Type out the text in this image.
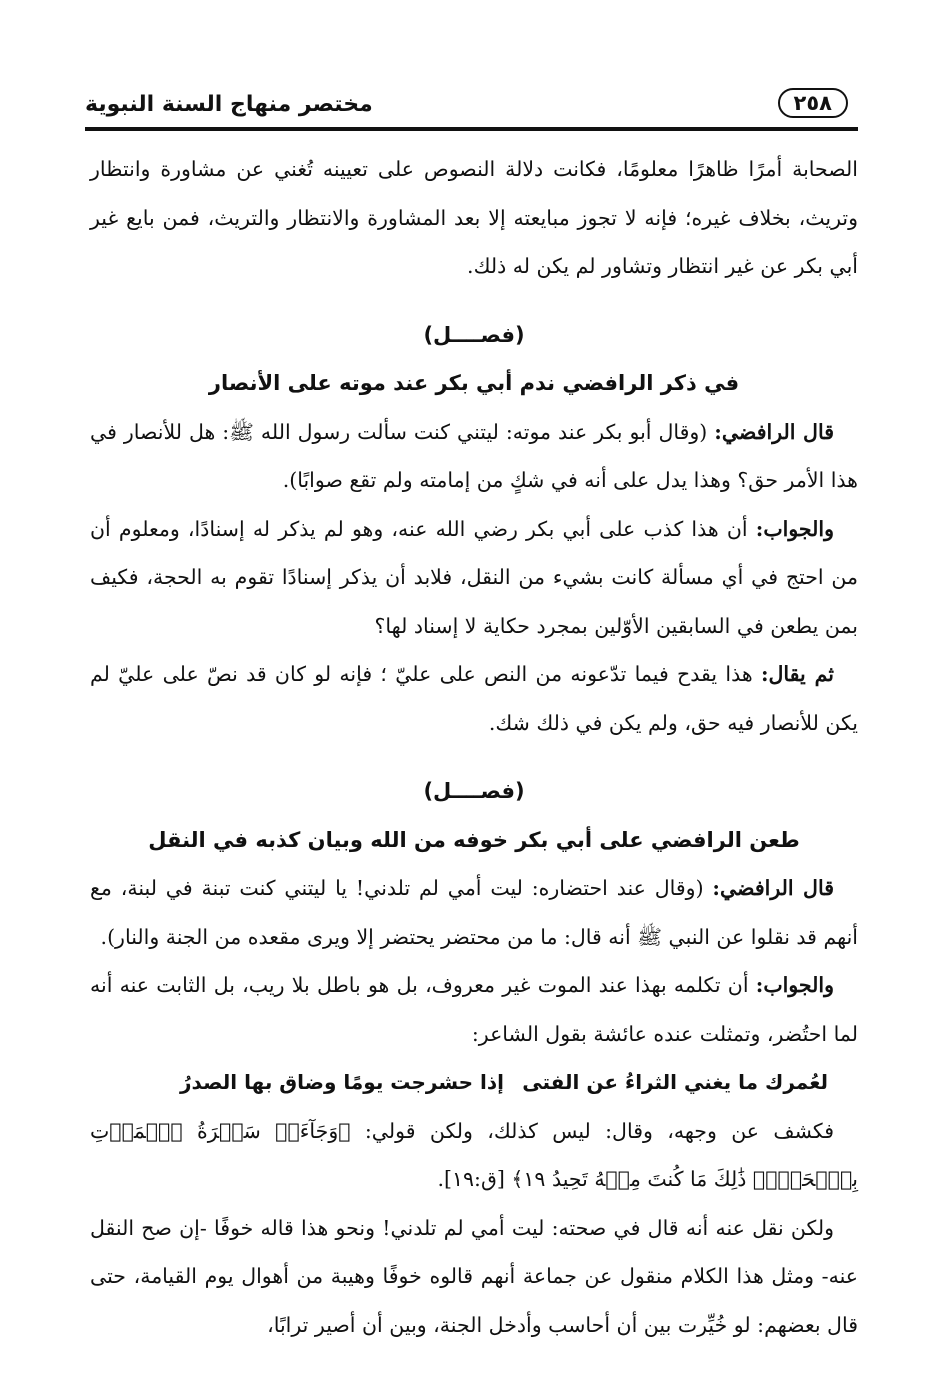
٢٥٨
مختصر منهاج السنة النبوية

الصحابة أمرًا ظاهرًا معلومًا، فكانت دلالة النصوص على تعيينه تُغني عن مشاورة وانتظار وتريث، بخلاف غيره؛ فإنه لا تجوز مبايعته إلا بعد المشاورة والانتظار والتريث، فمن بايع غير أبي بكر عن غير انتظار وتشاور لم يكن له ذلك.

(فصــــل)

في ذكر الرافضي ندم أبي بكر عند موته على الأنصار

قال الرافضي: (وقال أبو بكر عند موته: ليتني كنت سألت رسول الله ﷺ: هل للأنصار في هذا الأمر حق؟ وهذا يدل على أنه في شكٍ من إمامته ولم تقع صوابًا).

والجواب: أن هذا كذب على أبي بكر رضي الله عنه، وهو لم يذكر له إسنادًا، ومعلوم أن من احتج في أي مسألة كانت بشيء من النقل، فلابد أن يذكر إسنادًا تقوم به الحجة، فكيف بمن يطعن في السابقين الأوّلين بمجرد حكاية لا إسناد لها؟

ثم يقال: هذا يقدح فيما تدّعونه من النص على عليّ ؛ فإنه لو كان قد نصّ على عليّ لم يكن للأنصار فيه حق، ولم يكن في ذلك شك.

(فصــــل)

طعن الرافضي على أبي بكر خوفه من الله وبيان كذبه في النقل

قال الرافضي: (وقال عند احتضاره: ليت أمي لم تلدني! يا ليتني كنت تبنة في لبنة، مع أنهم قد نقلوا عن النبي ﷺ أنه قال: ما من محتضر يحتضر إلا ويرى مقعده من الجنة والنار).

والجواب: أن تكلمه بهذا عند الموت غير معروف، بل هو باطل بلا ريب، بل الثابت عنه أنه لما احتُضر، وتمثلت عنده عائشة بقول الشاعر:

لعُمرك ما يغني الثراءُ عن الفتى
إذا حشرجت يومًا وضاق بها الصدرُ

فكشف عن وجهه، وقال: ليس كذلك، ولكن قولي: ﴿وَجَآءَتۡ سَكۡرَةُ ٱلۡمَوۡتِ بِٱلۡحَقِّۖ ذَٰلِكَ مَا كُنتَ مِنۡهُ تَحِيدُ ١٩﴾ [ق:١٩].

ولكن نقل عنه أنه قال في صحته: ليت أمي لم تلدني! ونحو هذا قاله خوفًا -إن صح النقل عنه- ومثل هذا الكلام منقول عن جماعة أنهم قالوه خوفًا وهيبة من أهوال يوم القيامة، حتى قال بعضهم: لو خُيِّرت بين أن أحاسب وأدخل الجنة، وبين أن أصير ترابًا،
